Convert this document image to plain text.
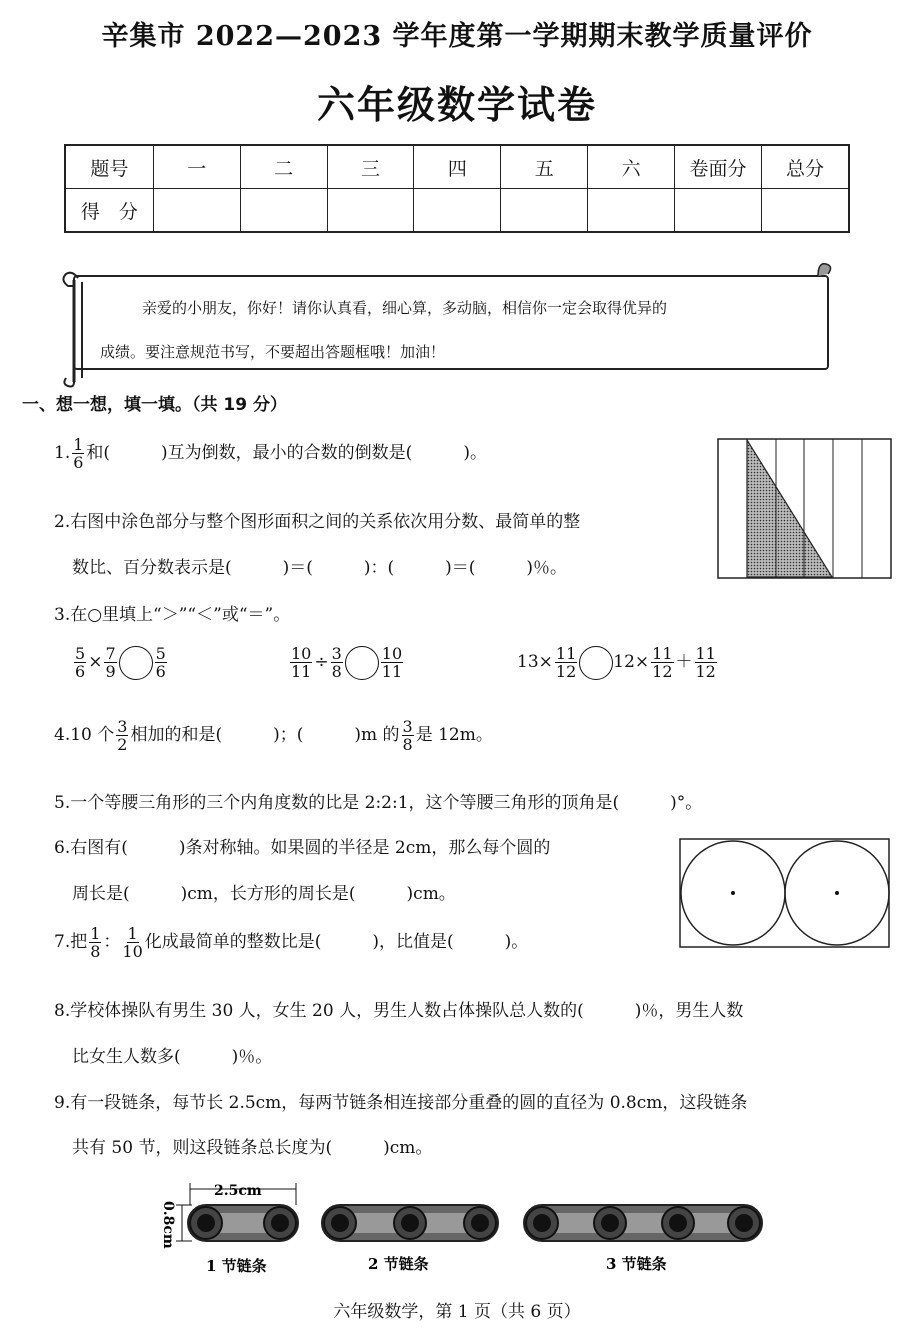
辛集市 2022—2023 学年度第一学期期末教学质量评价
六年级数学试卷
题号	一	二	三	四	五	六	卷面分	总分
得　分								
亲爱的小朋友，你好！请你认真看，细心算，多动脑，相信你一定会取得优异的
成绩。要注意规范书写，不要超出答题框哦！加油！
一、想一想，填一填。（共 19 分）
1. $\frac{1}{6}$ 和(　　　)互为倒数，最小的合数的倒数是(　　　)。
2.右图中涂色部分与整个图形面积之间的关系依次用分数、最简单的整
数比、百分数表示是(　　　)＝(　　　)：(　　　)＝(　　　)％。
3.在○里填上“＞”“＜”或“＝”。
$\frac{5}{6} \times \frac{7}{9} \frac{5}{6}$	$\frac{10}{11} \div \frac{3}{8} \frac{10}{11}$	$13\times \frac{11}{12} 12\times \frac{11}{12} + \frac{11}{12}$
4.10 个 $\frac{3}{2}$ 相加的和是(　　　)；(　　　)m 的 $\frac{3}{8}$ 是 12m。
5.一个等腰三角形的三个内角度数的比是 2:2:1，这个等腰三角形的顶角是(　　　)°。
6.右图有(　　　)条对称轴。如果圆的半径是 2cm，那么每个圆的
周长是(　　　)cm，长方形的周长是(　　　)cm。
7.把 $\frac{1}{8}$ ： $\frac{1}{10}$ 化成最简单的整数比是(　　　)，比值是(　　　)。
8.学校体操队有男生 30 人，女生 20 人，男生人数占体操队总人数的(　　　)％，男生人数
比女生人数多(　　　)％。
9.有一段链条，每节长 2.5cm，每两节链条相连接部分重叠的圆的直径为 0.8cm，这段链条
共有 50 节，则这段链条总长度为(　　　)cm。
2.5cm
0.8cm
1 节链条	2 节链条	3 节链条
六年级数学，第 1 页（共 6 页）
